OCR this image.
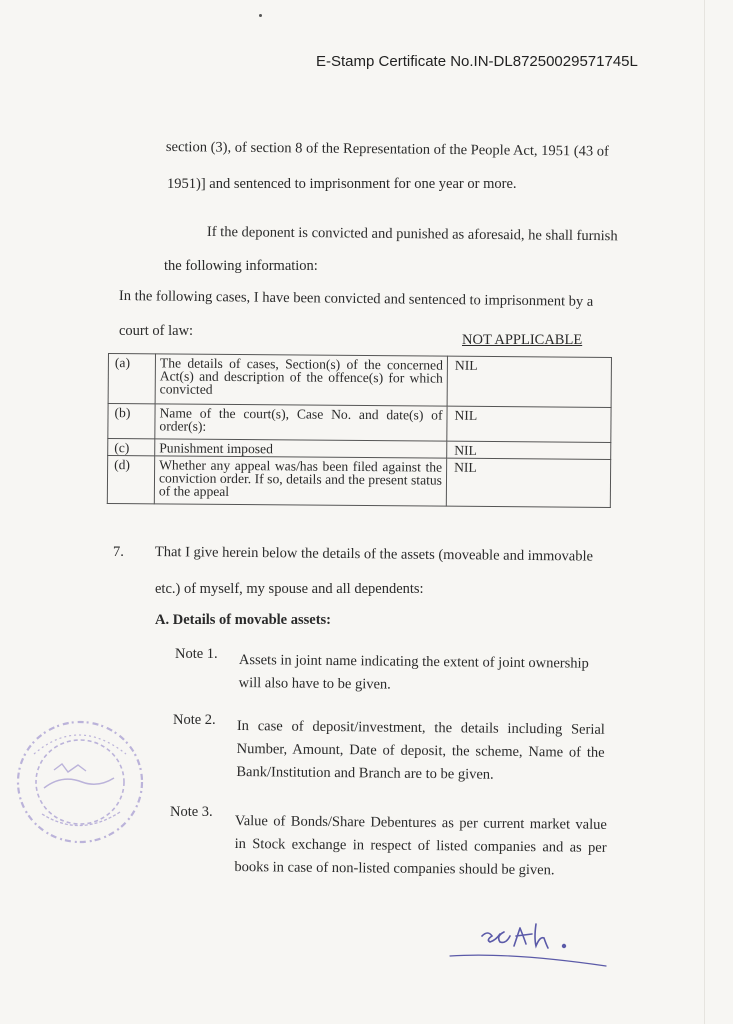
E-Stamp Certificate No.IN-DL87250029571745L
section (3), of section 8 of the Representation of the People Act, 1951 (43 of
1951)] and sentenced to imprisonment for one year or more.
If the deponent is convicted and punished as aforesaid, he shall furnish
the following information:
In the following cases, I have been convicted and sentenced to imprisonment by a
court of law:
NOT APPLICABLE
(a)	The details of cases, Section(s) of the concerned Act(s) and description of the offence(s) for which convicted	NIL
(b)	Name of the court(s), Case No. and date(s) of order(s):	NIL
(c)	Punishment imposed	NIL
(d)	Whether any appeal was/has been filed against the conviction order. If so, details and the present status of the appeal	NIL
7. That I give herein below the details of the assets (moveable and immovable
etc.) of myself, my spouse and all dependents:
A. Details of movable assets:
Note 1. Assets in joint name indicating the extent of joint ownership will also have to be given.
Note 2. In case of deposit/investment, the details including Serial Number, Amount, Date of deposit, the scheme, Name of the Bank/Institution and Branch are to be given.
Note 3.
Value of Bonds/Share Debentures as per current market value in Stock exchange in respect of listed companies and as per books in case of non-listed companies should be given.
